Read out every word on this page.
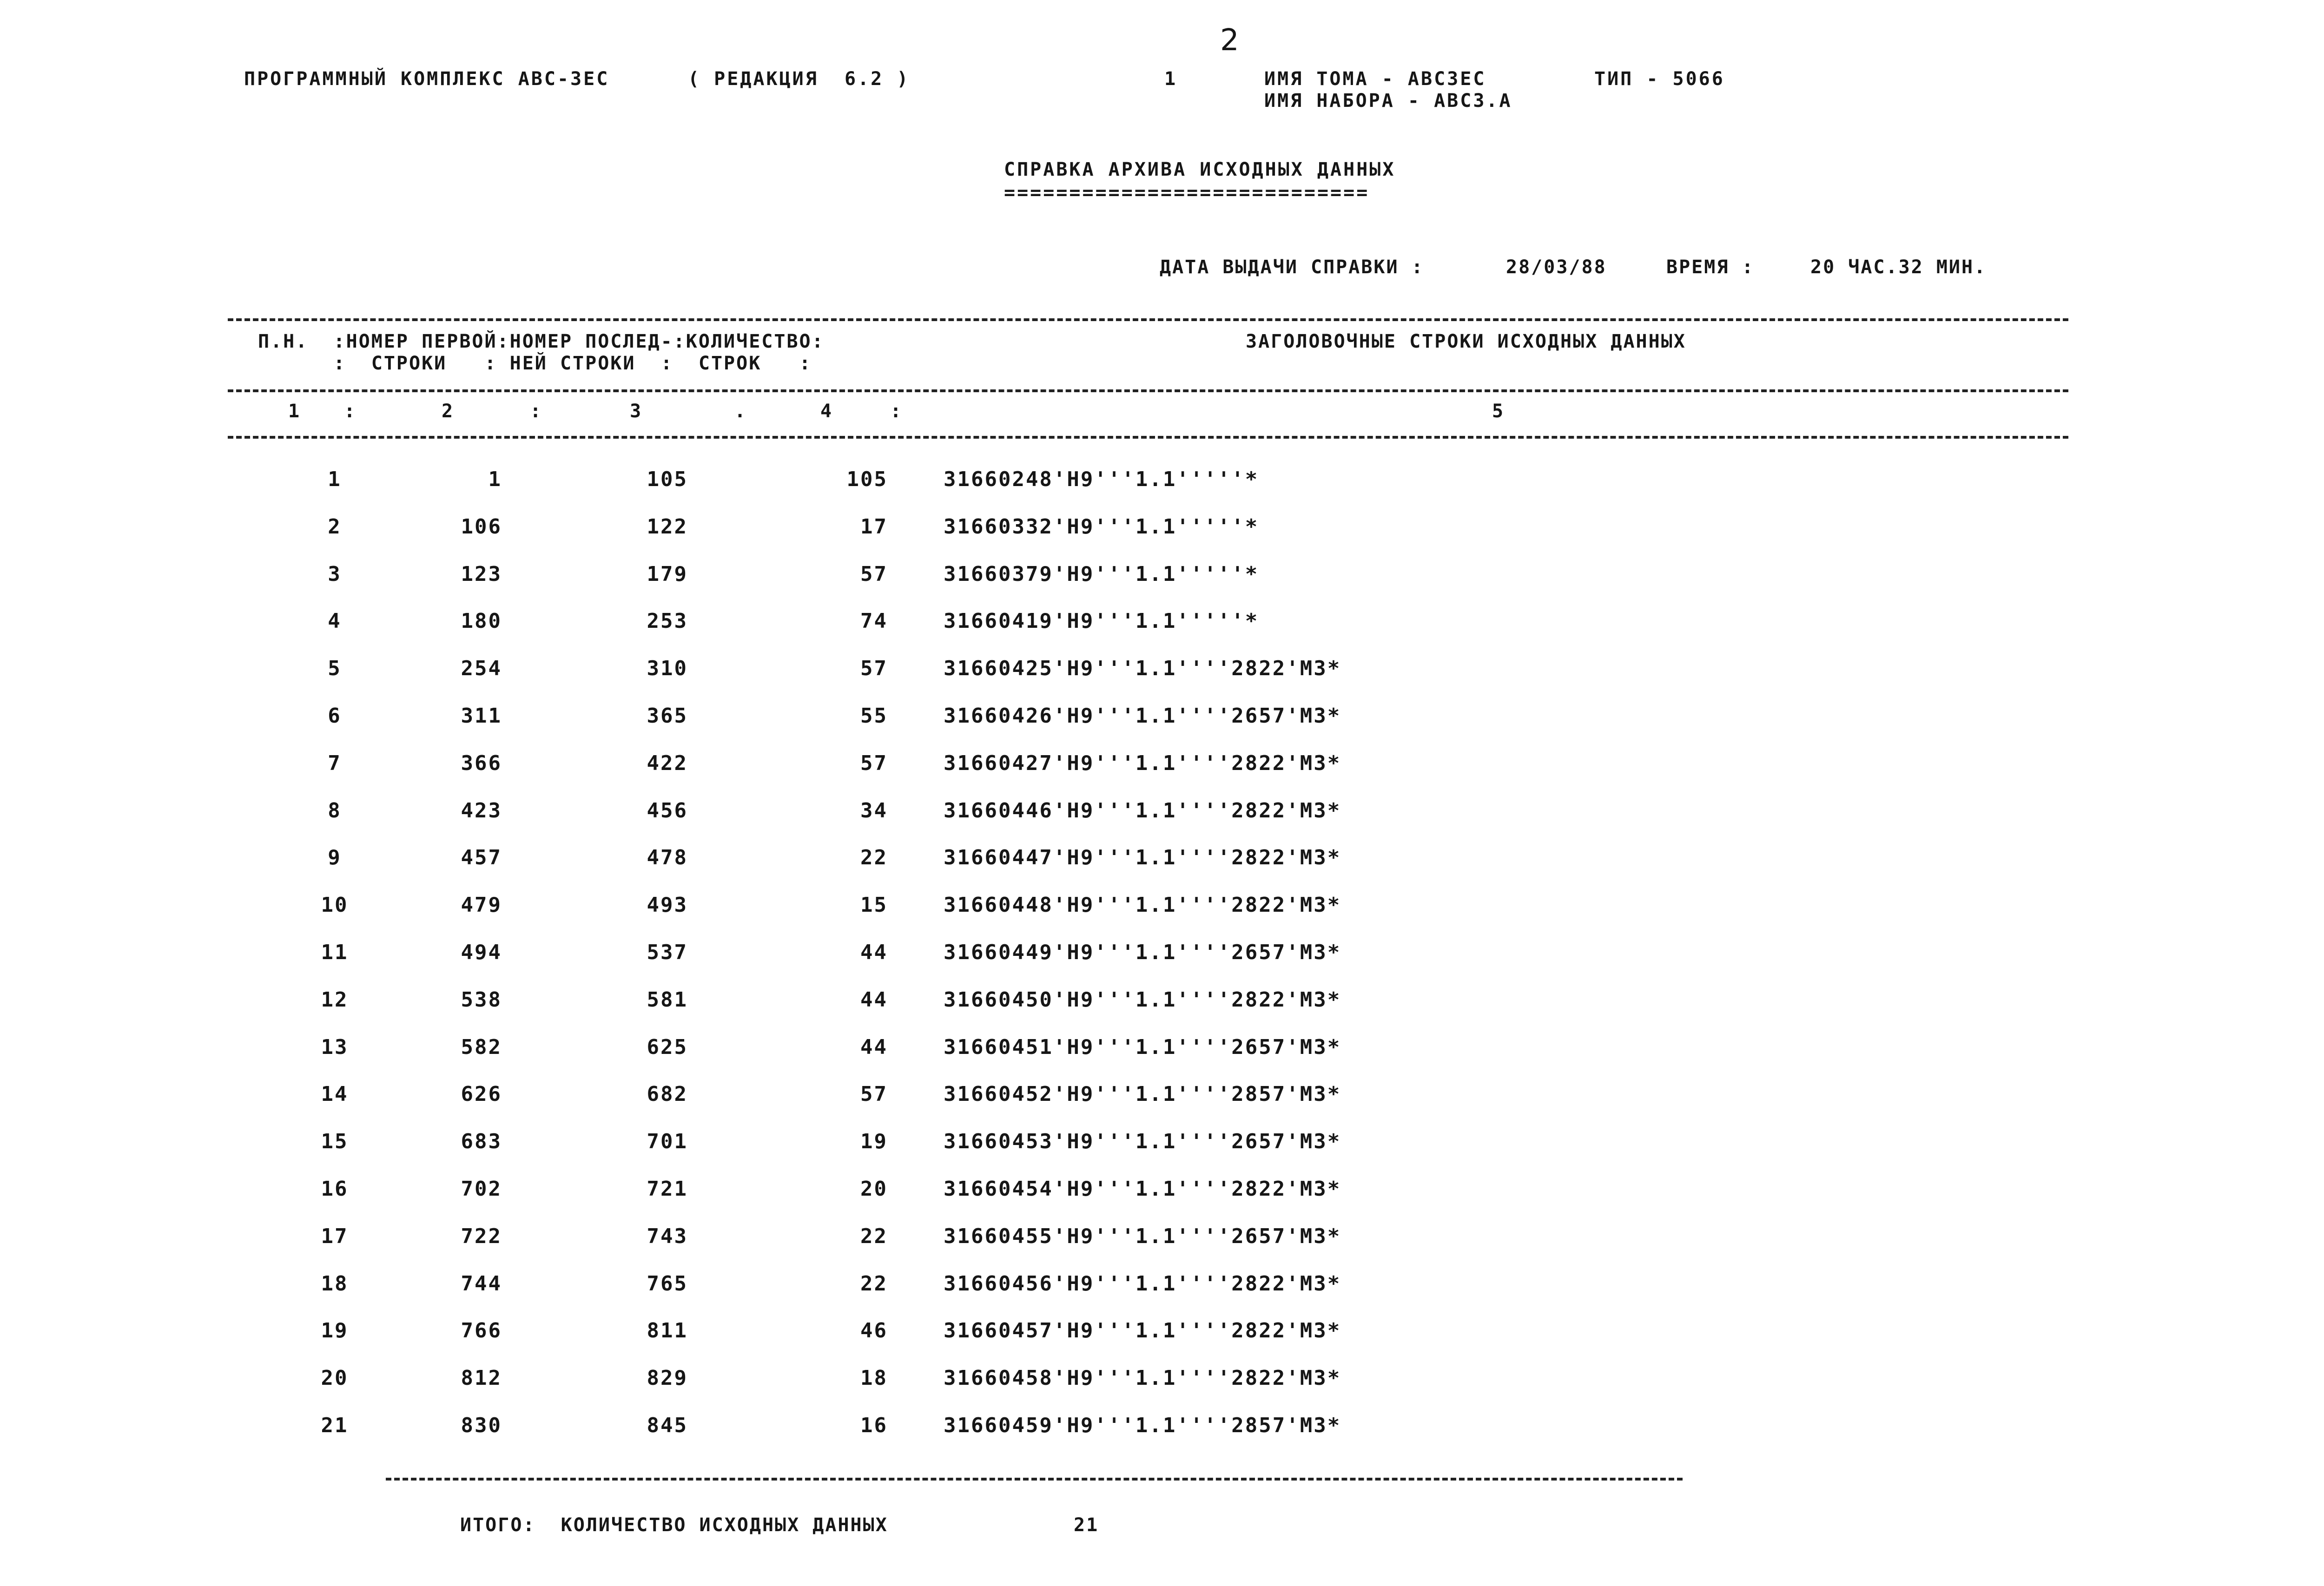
2
ПРОГРАММНЫЙ КОМПЛЕКС АВС-3ЕС	( РЕДАКЦИЯ  6.2 )	1	ИМЯ ТОМА - АВС3ЕС
ИМЯ НАБОРА - АВС3.А
ТИП - 5066
СПРАВКА АРХИВА ИСХОДНЫХ ДАННЫХ
============================
ДАТА ВЫДАЧИ СПРАВКИ :	28/03/88	ВРЕМЯ :	20 ЧАС.32 МИН.
П.Н.  :НОМЕР ПЕРВОЙ:НОМЕР ПОСЛЕД-:КОЛИЧЕСТВО:
:  СТРОКИ   : НЕЙ СТРОКИ  :  СТРОК   :
ЗАГОЛОВОЧНЫЕ СТРОКИ ИСХОДНЫХ ДАННЫХ
1 :	2	:	3	.	4	:	5
1	1	105	105	31660248'Н9'''1.1'''''*
2	106	122	17	31660332'Н9'''1.1'''''*
3	123	179	57	31660379'Н9'''1.1'''''*
4	180	253	74	31660419'Н9'''1.1'''''*
5	254	310	57	31660425'Н9'''1.1''''2822'М3*
6	311	365	55	31660426'Н9'''1.1''''2657'М3*
7	366	422	57	31660427'Н9'''1.1''''2822'М3*
8	423	456	34	31660446'Н9'''1.1''''2822'М3*
9	457	478	22	31660447'Н9'''1.1''''2822'М3*
10	479	493	15	31660448'Н9'''1.1''''2822'М3*
11	494	537	44	31660449'Н9'''1.1''''2657'М3*
12	538	581	44	31660450'Н9'''1.1''''2822'М3*
13	582	625	44	31660451'Н9'''1.1''''2657'М3*
14	626	682	57	31660452'Н9'''1.1''''2857'М3*
15	683	701	19	31660453'Н9'''1.1''''2657'М3*
16	702	721	20	31660454'Н9'''1.1''''2822'М3*
17	722	743	22	31660455'Н9'''1.1''''2657'М3*
18	744	765	22	31660456'Н9'''1.1''''2822'М3*
19	766	811	46	31660457'Н9'''1.1''''2822'М3*
20	812	829	18	31660458'Н9'''1.1''''2822'М3*
21	830	845	16	31660459'Н9'''1.1''''2857'М3*
ИТОГО:  КОЛИЧЕСТВО ИСХОДНЫХ ДАННЫХ	21
